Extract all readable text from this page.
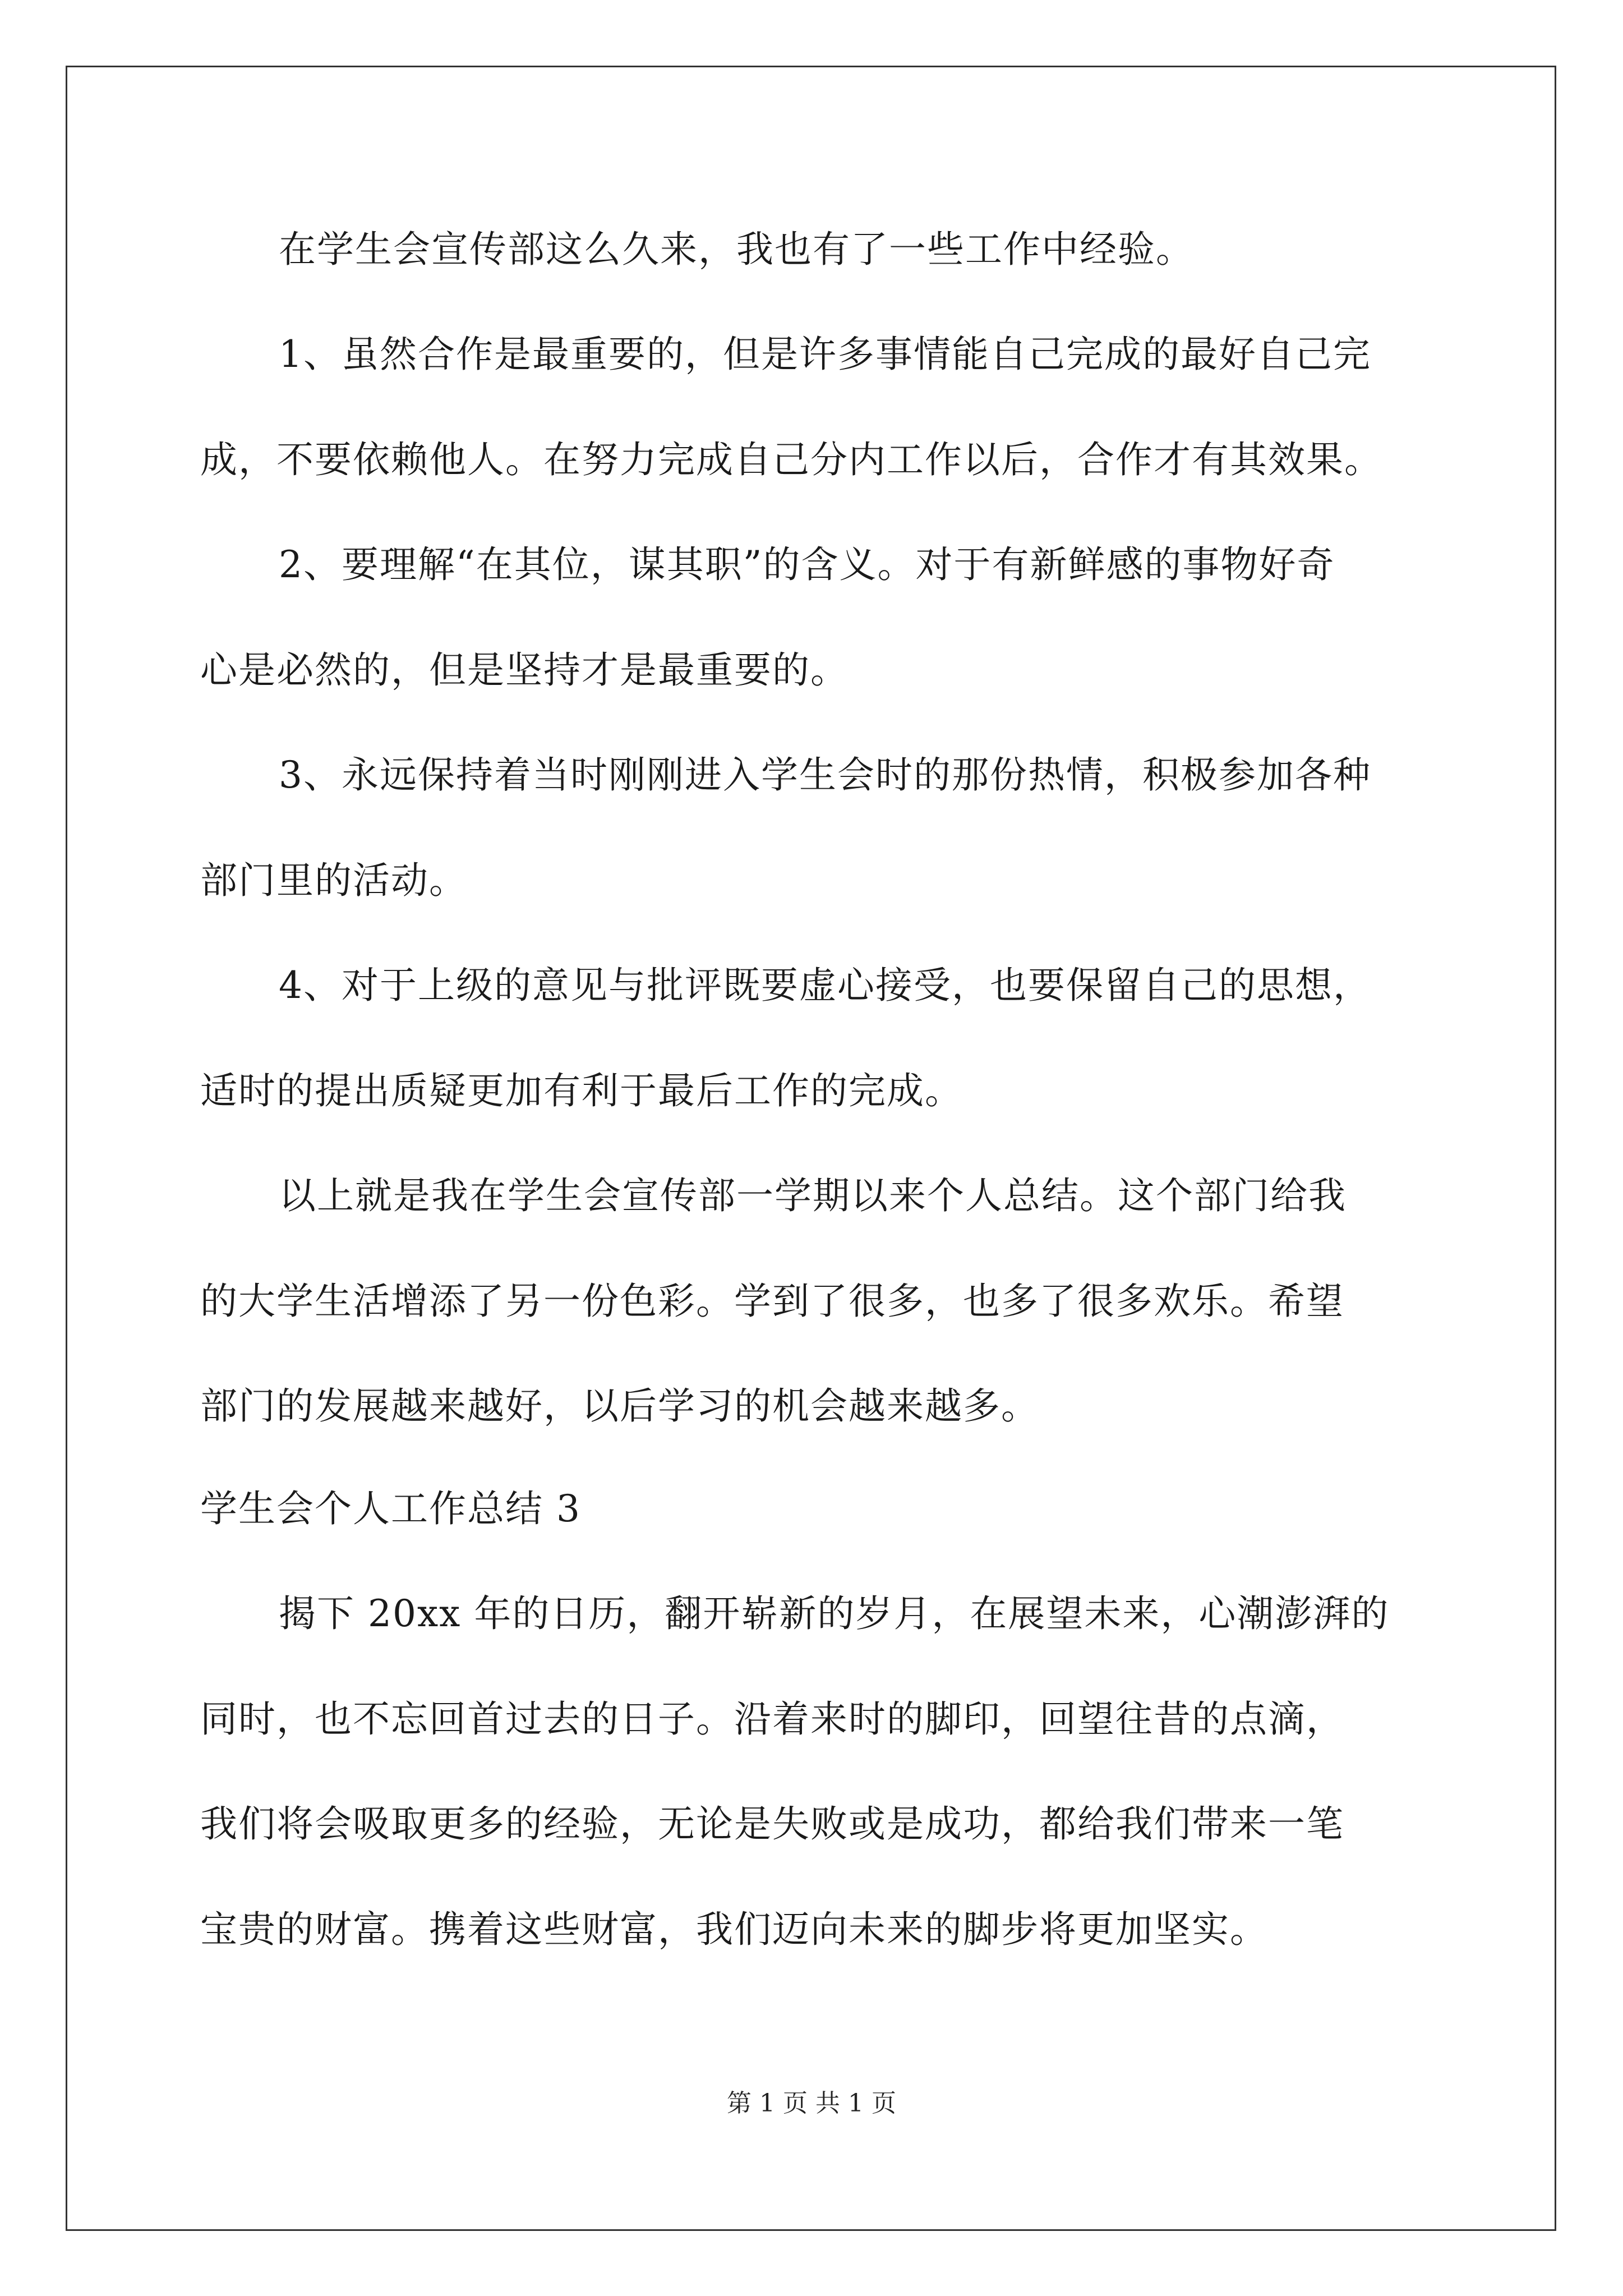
在学生会宣传部这么久来，我也有了一些工作中经验。
1、虽然合作是最重要的，但是许多事情能自己完成的最好自己完
成，不要依赖他人。在努力完成自己分内工作以后，合作才有其效果。
2、要理解“在其位，谋其职”的含义。对于有新鲜感的事物好奇
心是必然的，但是坚持才是最重要的。
3、永远保持着当时刚刚进入学生会时的那份热情，积极参加各种
部门里的活动。
4、对于上级的意见与批评既要虚心接受，也要保留自己的思想，
适时的提出质疑更加有利于最后工作的完成。
以上就是我在学生会宣传部一学期以来个人总结。这个部门给我
的大学生活增添了另一份色彩。学到了很多，也多了很多欢乐。希望
部门的发展越来越好，以后学习的机会越来越多。
学生会个人工作总结 3
揭下 20xx 年的日历，翻开崭新的岁月，在展望未来，心潮澎湃的
同时，也不忘回首过去的日子。沿着来时的脚印，回望往昔的点滴，
我们将会吸取更多的经验，无论是失败或是成功，都给我们带来一笔
宝贵的财富。携着这些财富，我们迈向未来的脚步将更加坚实。
第 1 页 共 1 页
